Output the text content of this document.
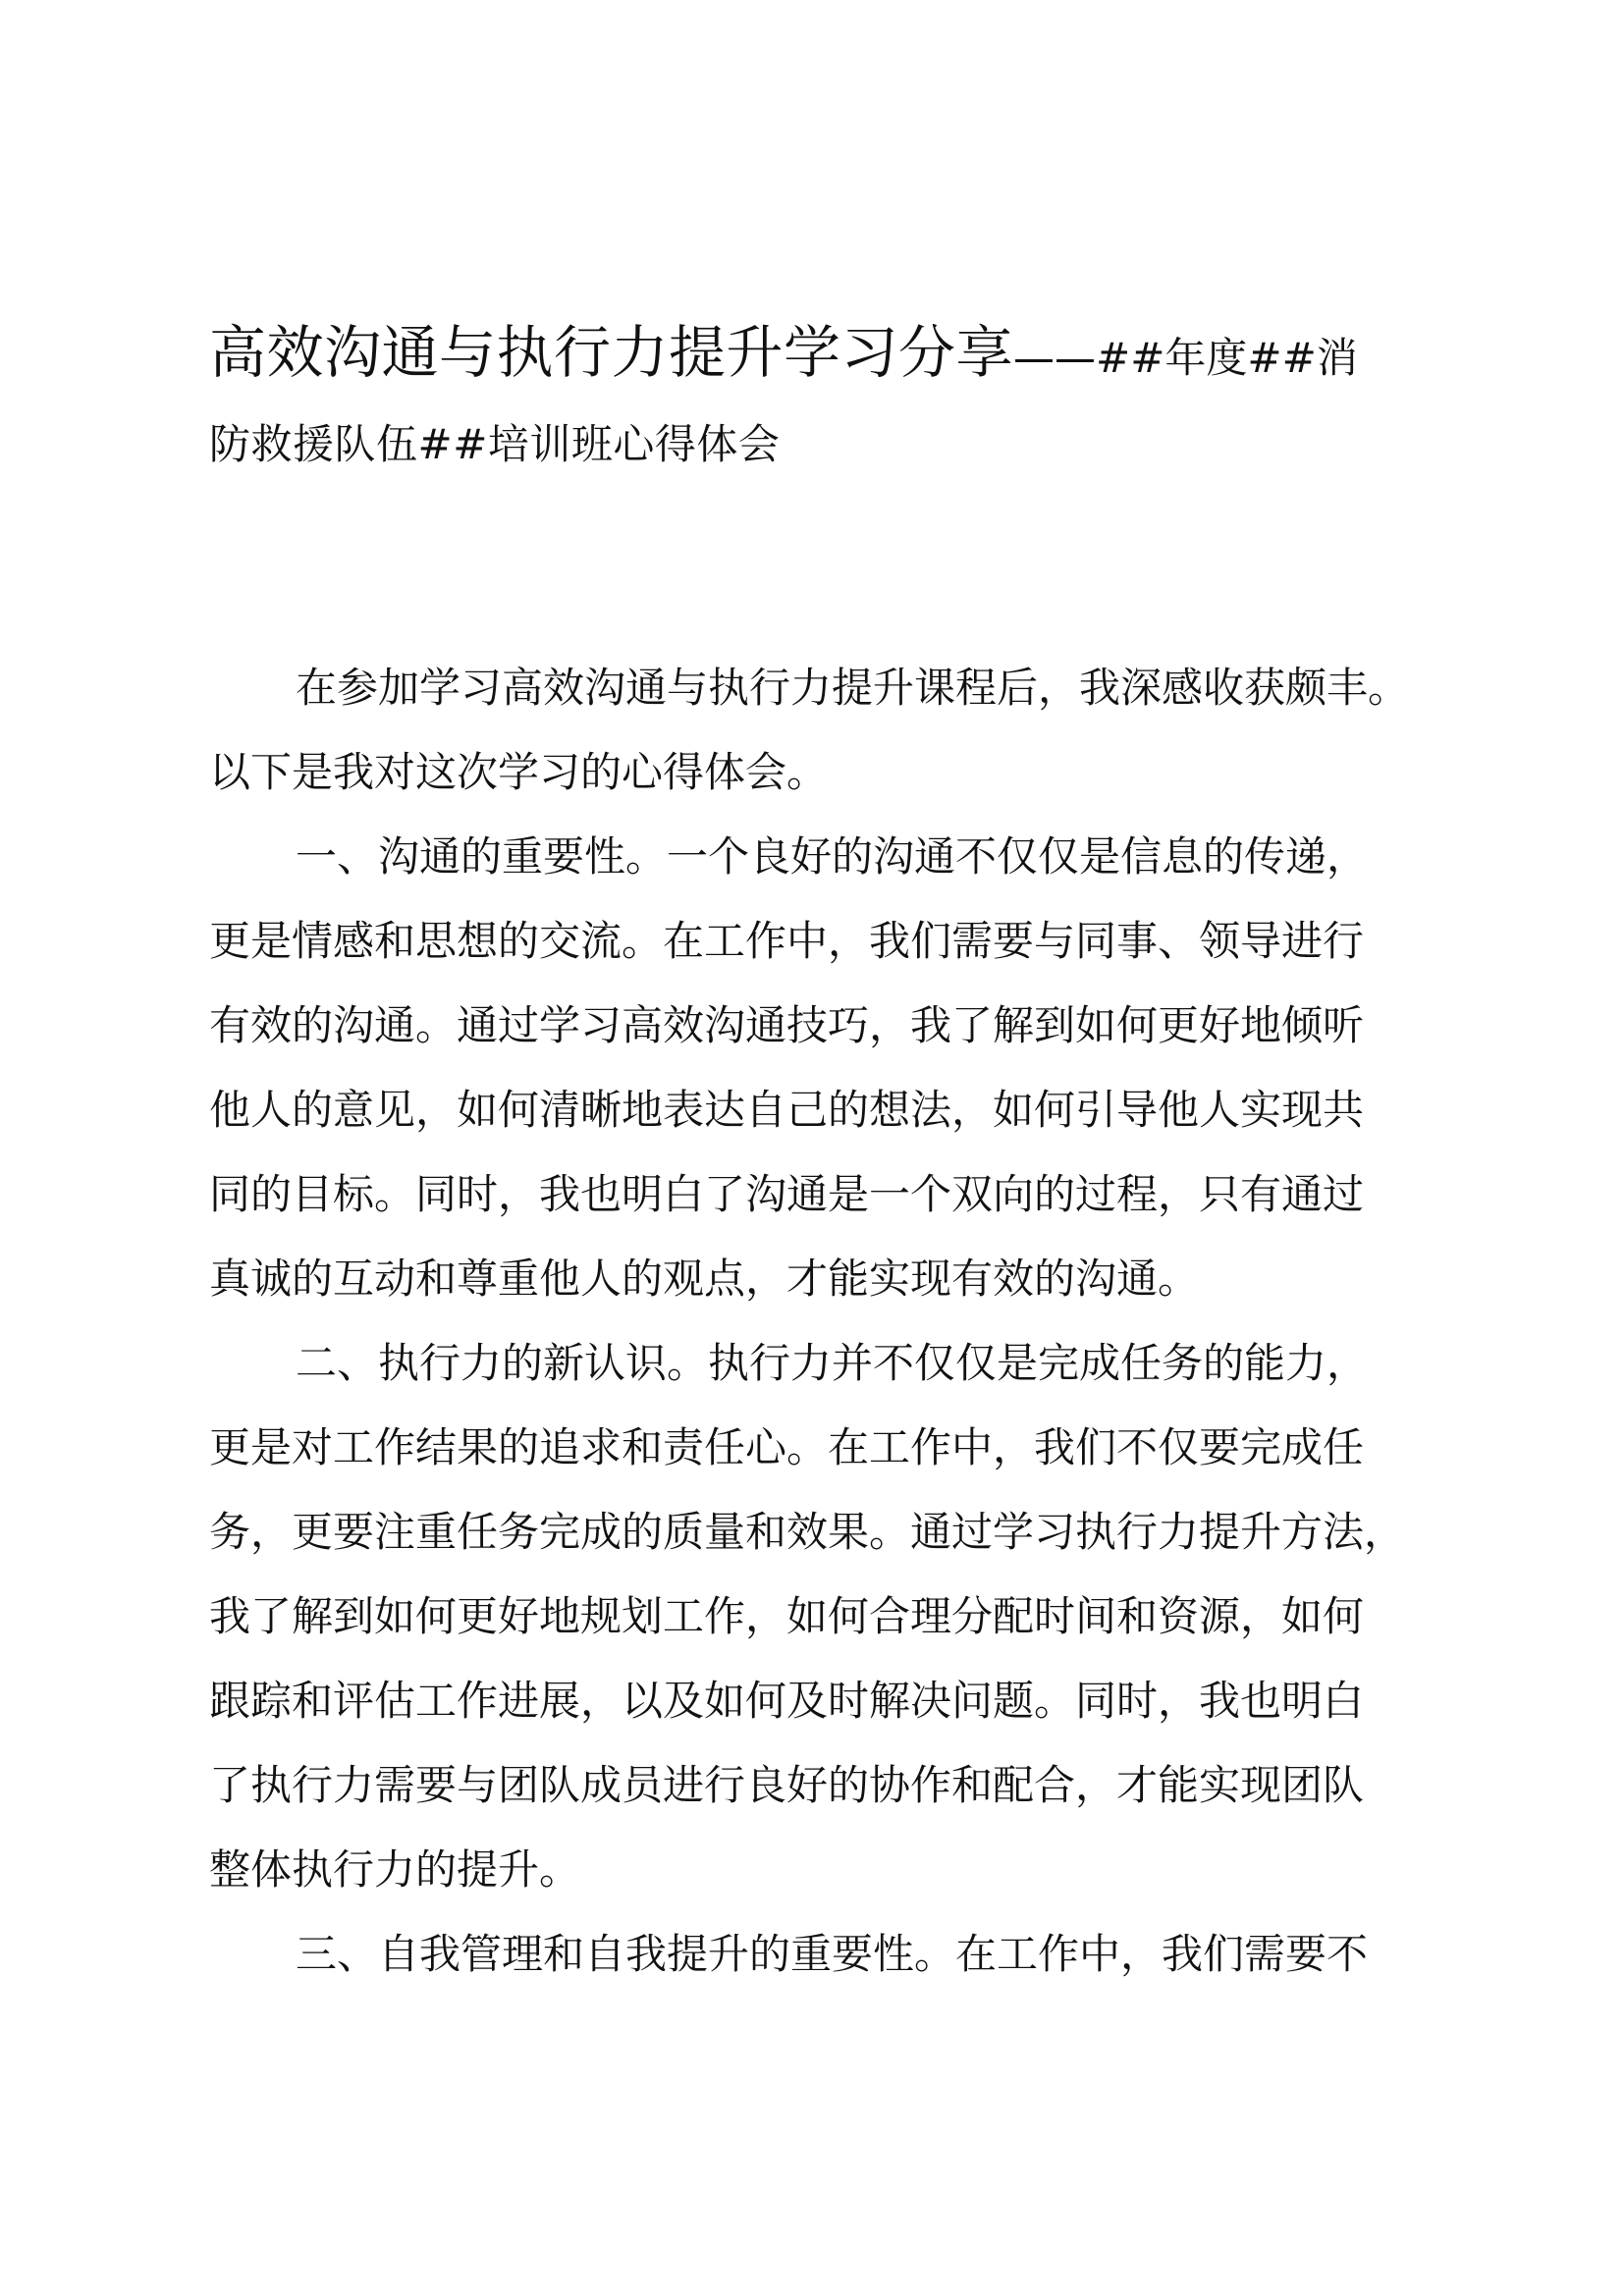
高效沟通与执行力提升学习分享——##年度##消
防救援队伍##培训班心得体会

在参加学习高效沟通与执行力提升课程后，我深感收获颇丰。
以下是我对这次学习的心得体会。

一、沟通的重要性。一个良好的沟通不仅仅是信息的传递，
更是情感和思想的交流。在工作中，我们需要与同事、领导进行
有效的沟通。通过学习高效沟通技巧，我了解到如何更好地倾听
他人的意见，如何清晰地表达自己的想法，如何引导他人实现共
同的目标。同时，我也明白了沟通是一个双向的过程，只有通过
真诚的互动和尊重他人的观点，才能实现有效的沟通。

二、执行力的新认识。执行力并不仅仅是完成任务的能力，
更是对工作结果的追求和责任心。在工作中，我们不仅要完成任
务，更要注重任务完成的质量和效果。通过学习执行力提升方法，
我了解到如何更好地规划工作，如何合理分配时间和资源，如何
跟踪和评估工作进展，以及如何及时解决问题。同时，我也明白
了执行力需要与团队成员进行良好的协作和配合，才能实现团队
整体执行力的提升。

三、自我管理和自我提升的重要性。在工作中，我们需要不
